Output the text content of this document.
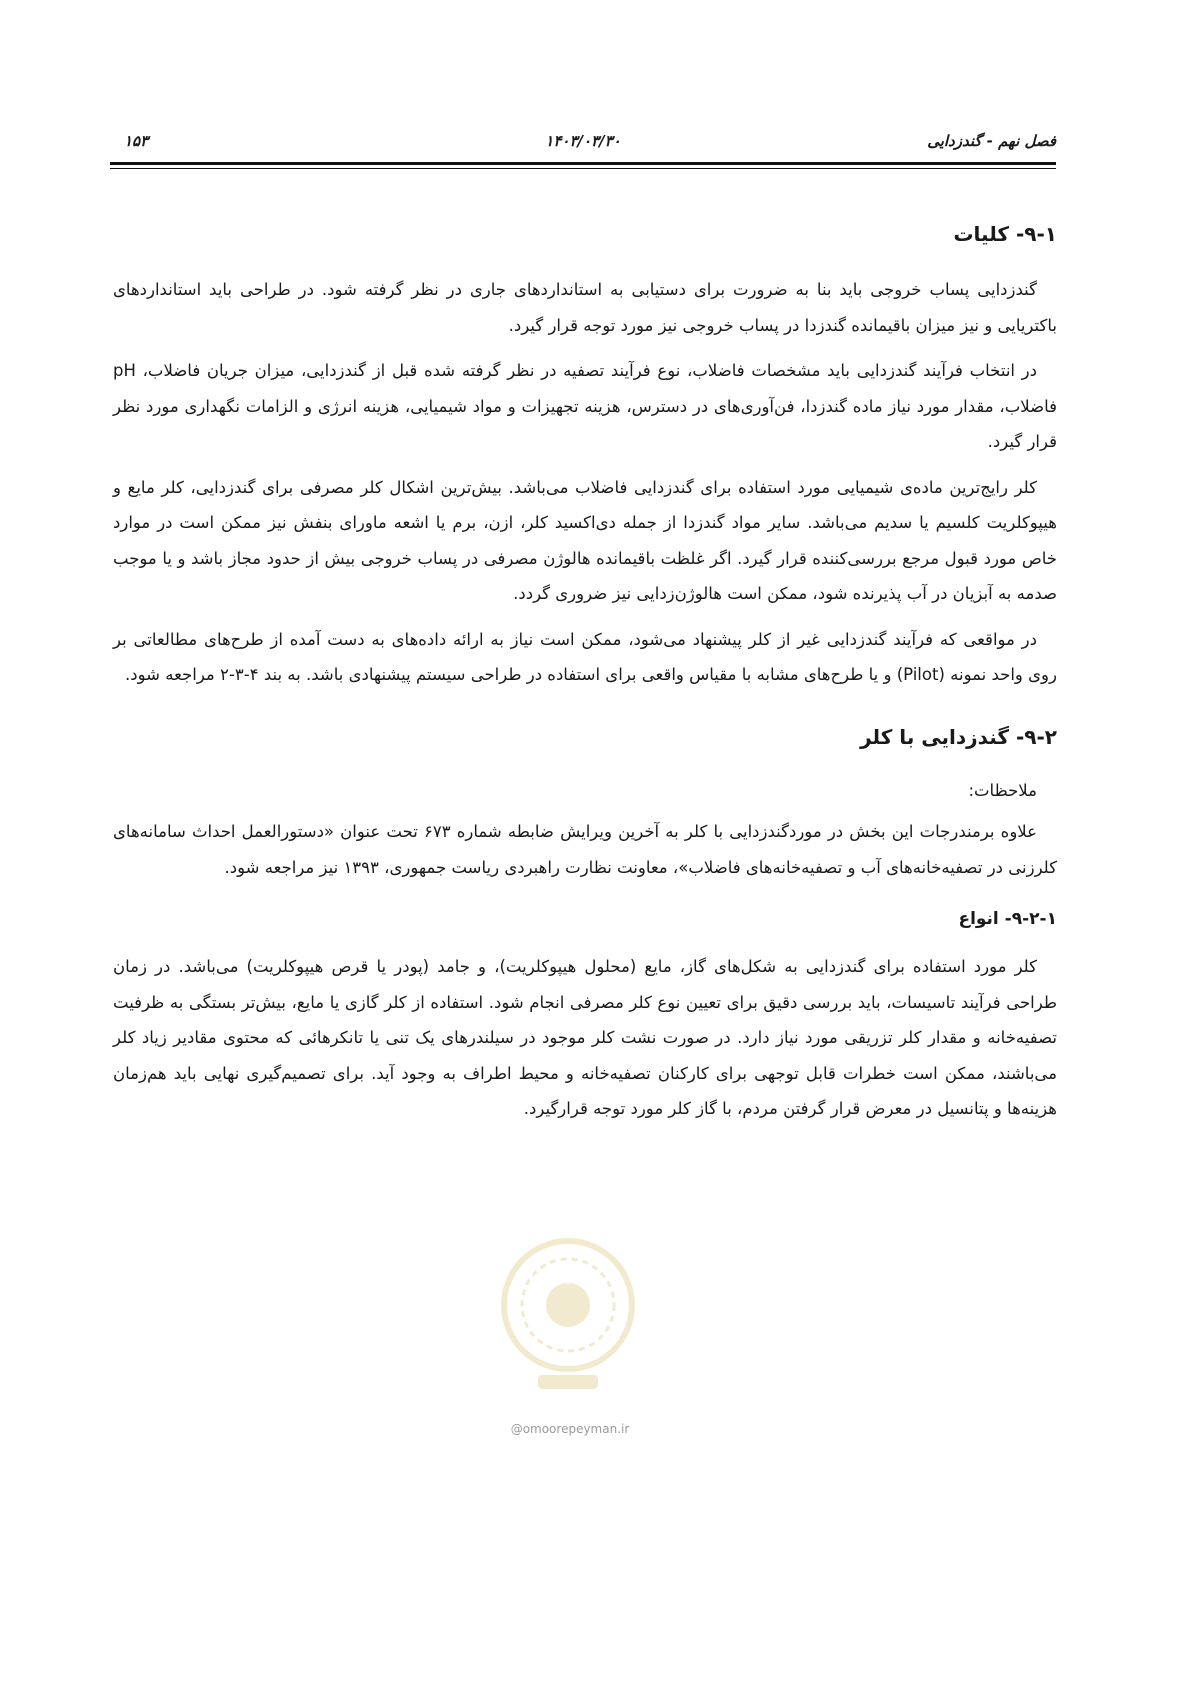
فصل نهم - گندزدایی
۱۴۰۳/۰۳/۳۰
۱۵۳
۹-۱- کلیات

گندزدایی پساب خروجی باید بنا به ضرورت برای دستیابی به استانداردهای جاری در نظر گرفته شود. در طراحی باید استانداردهای باکتریایی و نیز میزان باقیمانده گندزدا در پساب خروجی نیز مورد توجه قرار گیرد.

در انتخاب فرآیند گندزدایی باید مشخصات فاضلاب، نوع فرآیند تصفیه در نظر گرفته شده قبل از گندزدایی، میزان جریان فاضلاب، pH فاضلاب، مقدار مورد نیاز ماده گندزدا، فن‌آوری‌های در دسترس، هزینه تجهیزات و مواد شیمیایی، هزینه انرژی و الزامات نگهداری مورد نظر قرار گیرد.

کلر رایج‌ترین ماده‌ی شیمیایی مورد استفاده برای گندزدایی فاضلاب می‌باشد. بیش‌ترین اشکال کلر مصرفی برای گندزدایی، کلر مایع و هیپوکلریت کلسیم یا سدیم می‌باشد. سایر مواد گندزدا از جمله دی‌اکسید کلر، ازن، برم یا اشعه ماورای بنفش نیز ممکن است در موارد خاص مورد قبول مرجع بررسی‌کننده قرار گیرد. اگر غلظت باقیمانده هالوژن مصرفی در پساب خروجی بیش از حدود مجاز باشد و یا موجب صدمه به آبزیان در آب پذیرنده شود، ممکن است هالوژن‌زدایی نیز ضروری گردد.

در مواقعی که فرآیند گندزدایی غیر از کلر پیشنهاد می‌شود، ممکن است نیاز به ارائه داده‌های به دست آمده از طرح‌های مطالعاتی بر روی واحد نمونه (Pilot) و یا طرح‌های مشابه با مقیاس واقعی برای استفاده در طراحی سیستم پیشنهادی باشد. به بند ۴-۳-۲ مراجعه شود.

۹-۲- گندزدایی با کلر

ملاحظات:

علاوه برمندرجات این بخش در موردگندزدایی با کلر به آخرین ویرایش ضابطه شماره ۶۷۳ تحت عنوان «دستورالعمل احداث سامانه‌های کلرزنی در تصفیه‌خانه‌های آب و تصفیه‌خانه‌های فاضلاب»، معاونت نظارت راهبردی ریاست جمهوری، ۱۳۹۳ نیز مراجعه شود.

۹-۲-۱- انواع

کلر مورد استفاده برای گندزدایی به شکل‌های گاز، مایع (محلول هیپوکلریت)، و جامد (پودر یا قرص هیپوکلریت) می‌باشد. در زمان طراحی فرآیند تاسیسات، باید بررسی دقیق برای تعیین نوع کلر مصرفی انجام شود. استفاده از کلر گازی یا مایع، بیش‌تر بستگی به ظرفیت تصفیه‌خانه و مقدار کلر تزریقی مورد نیاز دارد. در صورت نشت کلر موجود در سیلندرهای یک تنی یا تانکرهائی که محتوی مقادیر زیاد کلر می‌باشند، ممکن است خطرات قابل توجهی برای کارکنان تصفیه‌خانه و محیط اطراف به وجود آید. برای تصمیم‌گیری نهایی باید هم‌زمان هزینه‌ها و پتانسیل در معرض قرار گرفتن مردم، با گاز کلر مورد توجه قرارگیرد.

@omoorepeyman.ir
